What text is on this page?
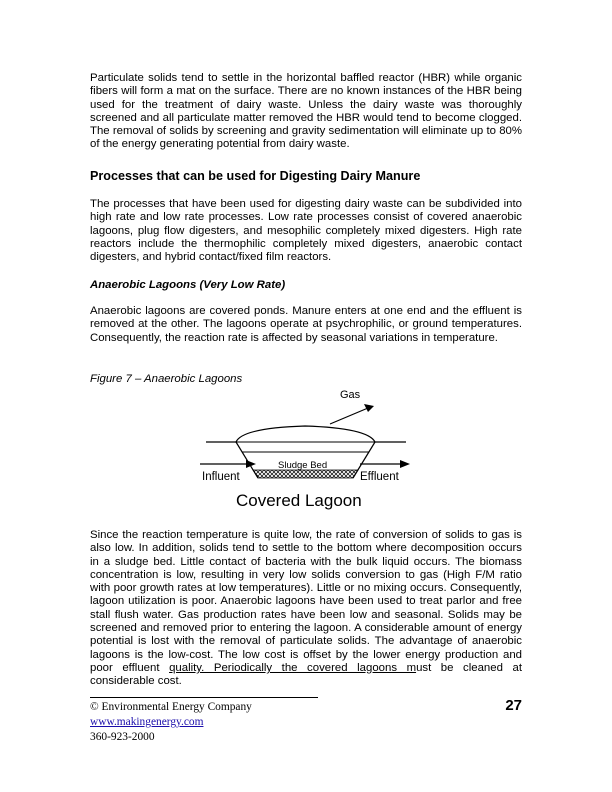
Particulate solids tend to settle in the horizontal baffled reactor (HBR) while organic fibers will form a mat on the surface. There are no known instances of the HBR being used for the treatment of dairy waste. Unless the dairy waste was thoroughly screened and all particulate matter removed the HBR would tend to become clogged. The removal of solids by screening and gravity sedimentation will eliminate up to 80% of the energy generating potential from dairy waste.

Processes that can be used for Digesting Dairy Manure

The processes that have been used for digesting dairy waste can be subdivided into high rate and low rate processes. Low rate processes consist of covered anaerobic lagoons, plug flow digesters, and mesophilic completely mixed digesters. High rate reactors include the thermophilic completely mixed digesters, anaerobic contact digesters, and hybrid contact/fixed film reactors.

Anaerobic Lagoons (Very Low Rate)

Anaerobic lagoons are covered ponds. Manure enters at one end and the effluent is removed at the other. The lagoons operate at psychrophilic, or ground temperatures. Consequently, the reaction rate is affected by seasonal variations in temperature.

Figure 7 – Anaerobic Lagoons

Since the reaction temperature is quite low, the rate of conversion of solids to gas is also low. In addition, solids tend to settle to the bottom where decomposition occurs in a sludge bed. Little contact of bacteria with the bulk liquid occurs. The biomass concentration is low, resulting in very low solids conversion to gas (High F/M ratio with poor growth rates at low temperatures). Little or no mixing occurs. Consequently, lagoon utilization is poor. Anaerobic lagoons have been used to treat parlor and free stall flush water. Gas production rates have been low and seasonal. Solids may be screened and removed prior to entering the lagoon. A considerable amount of energy potential is lost with the removal of particulate solids. The advantage of anaerobic lagoons is the low-cost. The low cost is offset by the lower energy production and poor effluent quality. Periodically the covered lagoons must be cleaned at considerable cost.

Gas
Influent	Effluent
Sludge Bed
Covered Lagoon
© Environmental Energy Company
www.makingenergy.com
360-923-2000
27
